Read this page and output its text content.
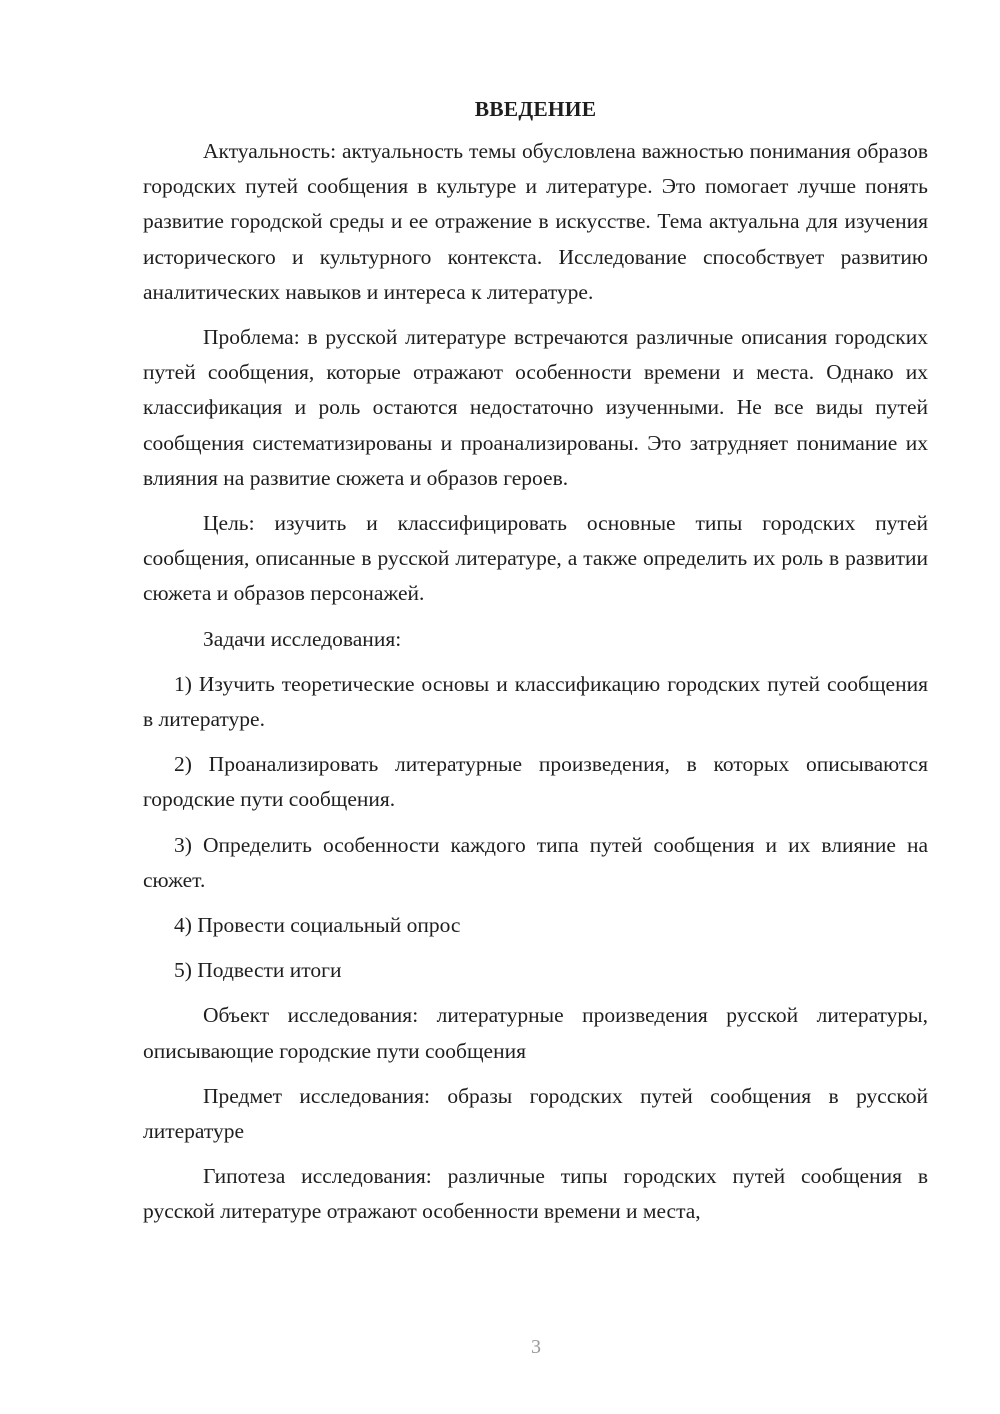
ВВЕДЕНИЕ

Актуальность: актуальность темы обусловлена важностью понимания образов городских путей сообщения в культуре и литературе. Это помогает лучше понять развитие городской среды и ее отражение в искусстве. Тема актуальна для изучения исторического и культурного контекста. Исследование способствует развитию аналитических навыков и интереса к литературе.

Проблема: в русской литературе встречаются различные описания городских путей сообщения, которые отражают особенности времени и места. Однако их классификация и роль остаются недостаточно изученными. Не все виды путей сообщения систематизированы и проанализированы. Это затрудняет понимание их влияния на развитие сюжета и образов героев.

Цель: изучить и классифицировать основные типы городских путей сообщения, описанные в русской литературе, а также определить их роль в развитии сюжета и образов персонажей.

Задачи исследования:

1) Изучить теоретические основы и классификацию городских путей сообщения в литературе.

2) Проанализировать литературные произведения, в которых описываются городские пути сообщения.

3) Определить особенности каждого типа путей сообщения и их влияние на сюжет.

4) Провести социальный опрос

5) Подвести итоги

Объект исследования: литературные произведения русской литературы, описывающие городские пути сообщения

Предмет исследования: образы городских путей сообщения в русской литературе

Гипотеза исследования: различные типы городских путей сообщения в русской литературе отражают особенности времени и места,

3
